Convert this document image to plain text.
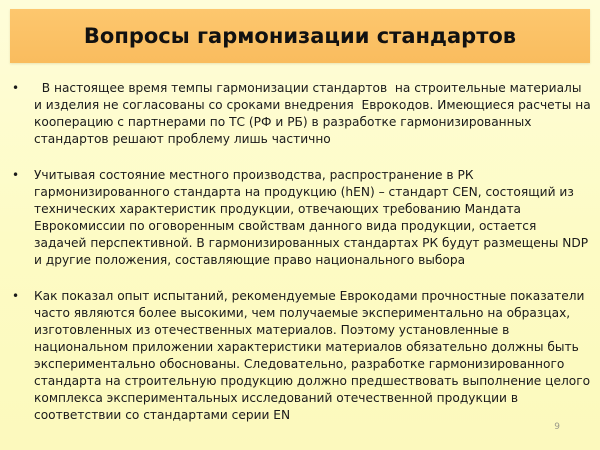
Вопросы гармонизации стандартов
•	В настоящее время темпы гармонизации стандартов  на строительные материалы и изделия не согласованы со сроками внедрения  Еврокодов. Имеющиеся расчеты на кооперацию с партнерами по ТС (РФ и РБ) в разработке гармонизированных стандартов решают проблему лишь частично
•	Учитывая состояние местного производства, распространение в РК гармонизированного стандарта на продукцию (hEN) – стандарт CEN, состоящий из технических характеристик продукции, отвечающих требованию Мандата Еврокомиссии по оговоренным свойствам данного вида продукции, остается задачей перспективной. В гармонизированных стандартах РК будут размещены NDP и другие положения, составляющие право национального выбора
•	Как показал опыт испытаний, рекомендуемые Еврокодами прочностные показатели часто являются более высокими, чем получаемые экспериментально на образцах, изготовленных из отечественных материалов. Поэтому установленные в национальном приложении характеристики материалов обязательно должны быть экспериментально обоснованы. Следовательно, разработке гармонизированного стандарта на строительную продукцию должно предшествовать выполнение целого комплекса экспериментальных исследований отечественной продукции в соответствии со стандартами серии EN
9
